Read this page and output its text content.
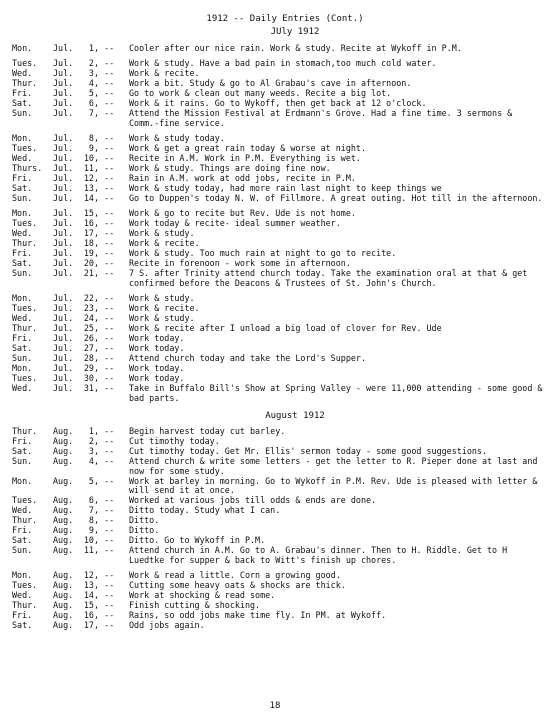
1912 -- Daily Entries (Cont.)
JUly 1912
Mon.	Jul.	1, --	Cooler after our nice rain. Work & study. Recite at Wykoff in P.M.
Tues.	Jul.	2, --	Work & study. Have a bad pain in stomach,too much cold water.
Wed.	Jul.	3, --	Work & recite.
Thur.	Jul.	4, --	Work a bit. Study & go to Al Grabau's cave in afternoon.
Fri.	Jul.	5, --	Go to work & clean out many weeds. Recite a big lot.
Sat.	Jul.	6, --	Work & it rains. Go to Wykoff, then get back at 12 o'clock.
Sun.	Jul.	7, --	Attend the Mission Festival at Erdmann's Grove. Had a fine time. 3 sermons & Comm.-fine service.
Mon.	Jul.	8, --	Work & study today.
Tues.	Jul.	9, --	Work & get a great rain today & worse at night.
Wed.	Jul.	10, --	Recite in A.M. Work in P.M. Everything is wet.
Thurs.	Jul.	11, --	Work & study. Things are doing fine now.
Fri.	Jul.	12, --	Rain in A.M. work at odd jobs, recite in P.M.
Sat.	Jul.	13, --	Work & study today, had more rain last night to keep things we
Sun.	Jul.	14, --	Go to Duppen's today N. W. of Fillmore. A great outing. Hot till in the afternoon.
Mon.	Jul.	15, --	Work & go to recite but Rev. Ude is not home.
Tues.	Jul.	16, --	Work today & recite- ideal summer weather.
Wed.	Jul.	17, --	Work & study.
Thur.	Jul.	18, --	Work & recite.
Fri.	Jul.	19, --	Work & study. Too much rain at night to go to recite.
Sat.	Jul.	20, --	Recite in forenoon - work some in afternoon.
Sun.	Jul.	21, --	7 S. after Trinity attend church today. Take the examination oral at that & get confirmed before the Deacons & Trustees of St. John's Church.
Mon.	Jul.	22, --	Work & study.
Tues.	Jul.	23, --	Work & recite.
Wed.	Jul.	24, --	Work & study.
Thur.	Jul.	25, --	Work & recite after I unload a big load of clover for Rev. Ude
Fri.	Jul.	26, --	Work today.
Sat.	Jul.	27, --	Work today.
Sun.	Jul.	28, --	Attend church today and take the Lord's Supper.
Mon.	Jul.	29, --	Work today.
Tues.	Jul.	30, --	Work today.
Wed.	Jul.	31, --	Take in Buffalo Bill's Show at Spring Valley - were 11,000 attending - some good & bad parts.
August 1912
Thur.	Aug.	1, --	Begin harvest today cut barley.
Fri.	Aug.	2, --	Cut timothy today.
Sat.	Aug.	3, --	Cut timothy today. Get Mr. Ellis' sermon today - some good suggestions.
Sun.	Aug.	4, --	Attend church & write some letters - get the letter to R. Pieper done at last and now for some study.
Mon.	Aug.	5, --	Work at barley in morning. Go to Wykoff in P.M. Rev. Ude is pleased with letter & will send it at once.
Tues.	Aug.	6, --	Worked at various jobs till odds & ends are done.
Wed.	Aug.	7, --	Ditto today. Study what I can.
Thur.	Aug.	8, --	Ditto.
Fri.	Aug.	9, --	Ditto.
Sat.	Aug.	10, --	Ditto. Go to Wykoff in P.M.
Sun.	Aug.	11, --	Attend church in A.M. Go to A. Grabau's dinner. Then to H. Riddle. Get to H Luedtke for supper & back to Witt's finish up chores.
Mon.	Aug.	12, --	Work & read a little. Corn a growing good.
Tues.	Aug.	13, --	Cutting some heavy oats & shocks are thick.
Wed.	Aug.	14, --	Work at shocking & read some.
Thur.	Aug.	15, --	Finish cutting & shocking.
Fri.	Aug.	16, --	Rains, so odd jobs make time fly. In PM. at Wykoff.
Sat.	Aug.	17, --	Odd jobs again.
18
